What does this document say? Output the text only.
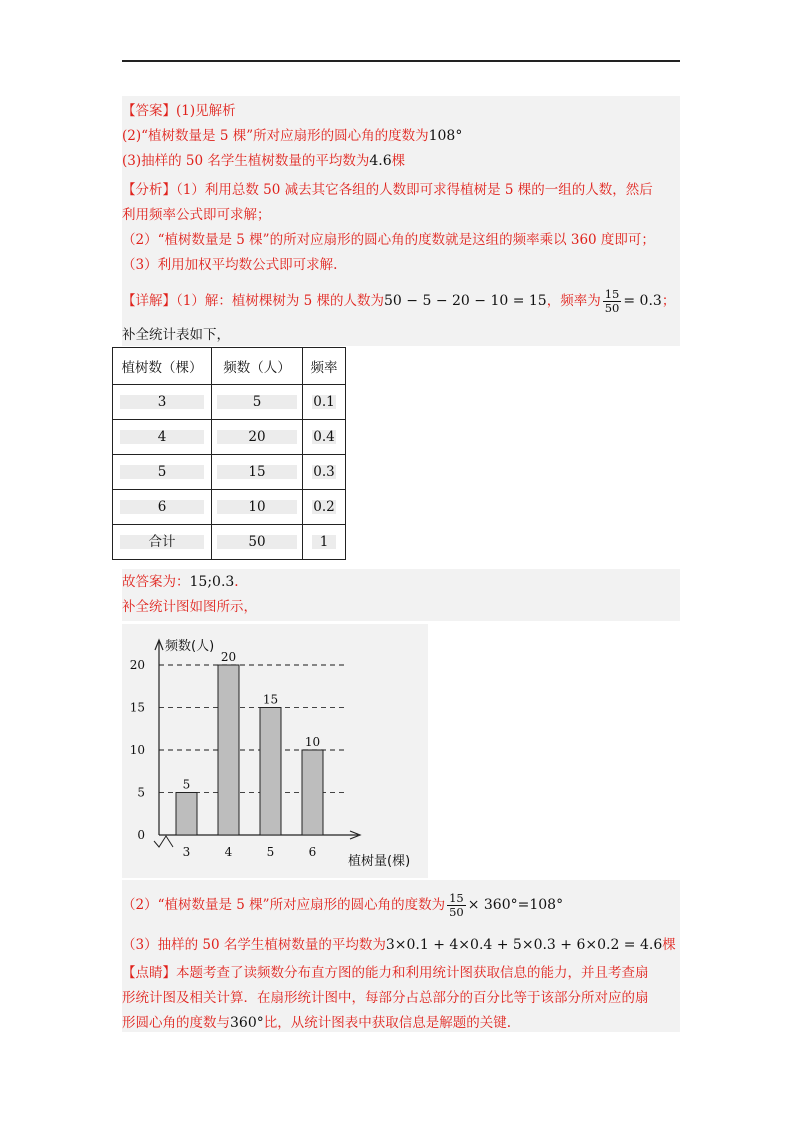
【答案】(1)见解析
(2)“植树数量是 5 棵”所对应扇形的圆心角的度数为108°
(3)抽样的 50 名学生植树数量的平均数为4.6棵
【分析】（1）利用总数 50 减去其它各组的人数即可求得植树是 5 棵的一组的人数，然后
利用频率公式即可求解；
（2）“植树数量是 5 棵”的所对应扇形的圆心角的度数就是这组的频率乘以 360 度即可；
（3）利用加权平均数公式即可求解.
【详解】（1）解：植树棵树为 5 棵的人数为50 − 5 − 20 − 10 = 15，频率为 $\frac{15}{50} = 0.3$；
补全统计表如下，
植树数（棵）	频数（人）	频率
3	5	0.1
4	20	0.4
5	15	0.3
6	10	0.2
合计	50	1
故答案为：15;0.3.
补全统计图如图所示，
0
5
10
15
20
5
3
20
4
15
5
10
6
频数(人)
植树量(棵)
（2）“植树数量是 5 棵”所对应扇形的圆心角的度数为 $\frac{15}{50} \times 360^\circ=108^\circ$
（3）抽样的 50 名学生植树数量的平均数为3×0.1 + 4×0.4 + 5×0.3 + 6×0.2 = 4.6棵
【点睛】本题考查了读频数分布直方图的能力和利用统计图获取信息的能力，并且考查扇
形统计图及相关计算．在扇形统计图中，每部分占总部分的百分比等于该部分所对应的扇
形圆心角的度数与360°比，从统计图表中获取信息是解题的关键.
